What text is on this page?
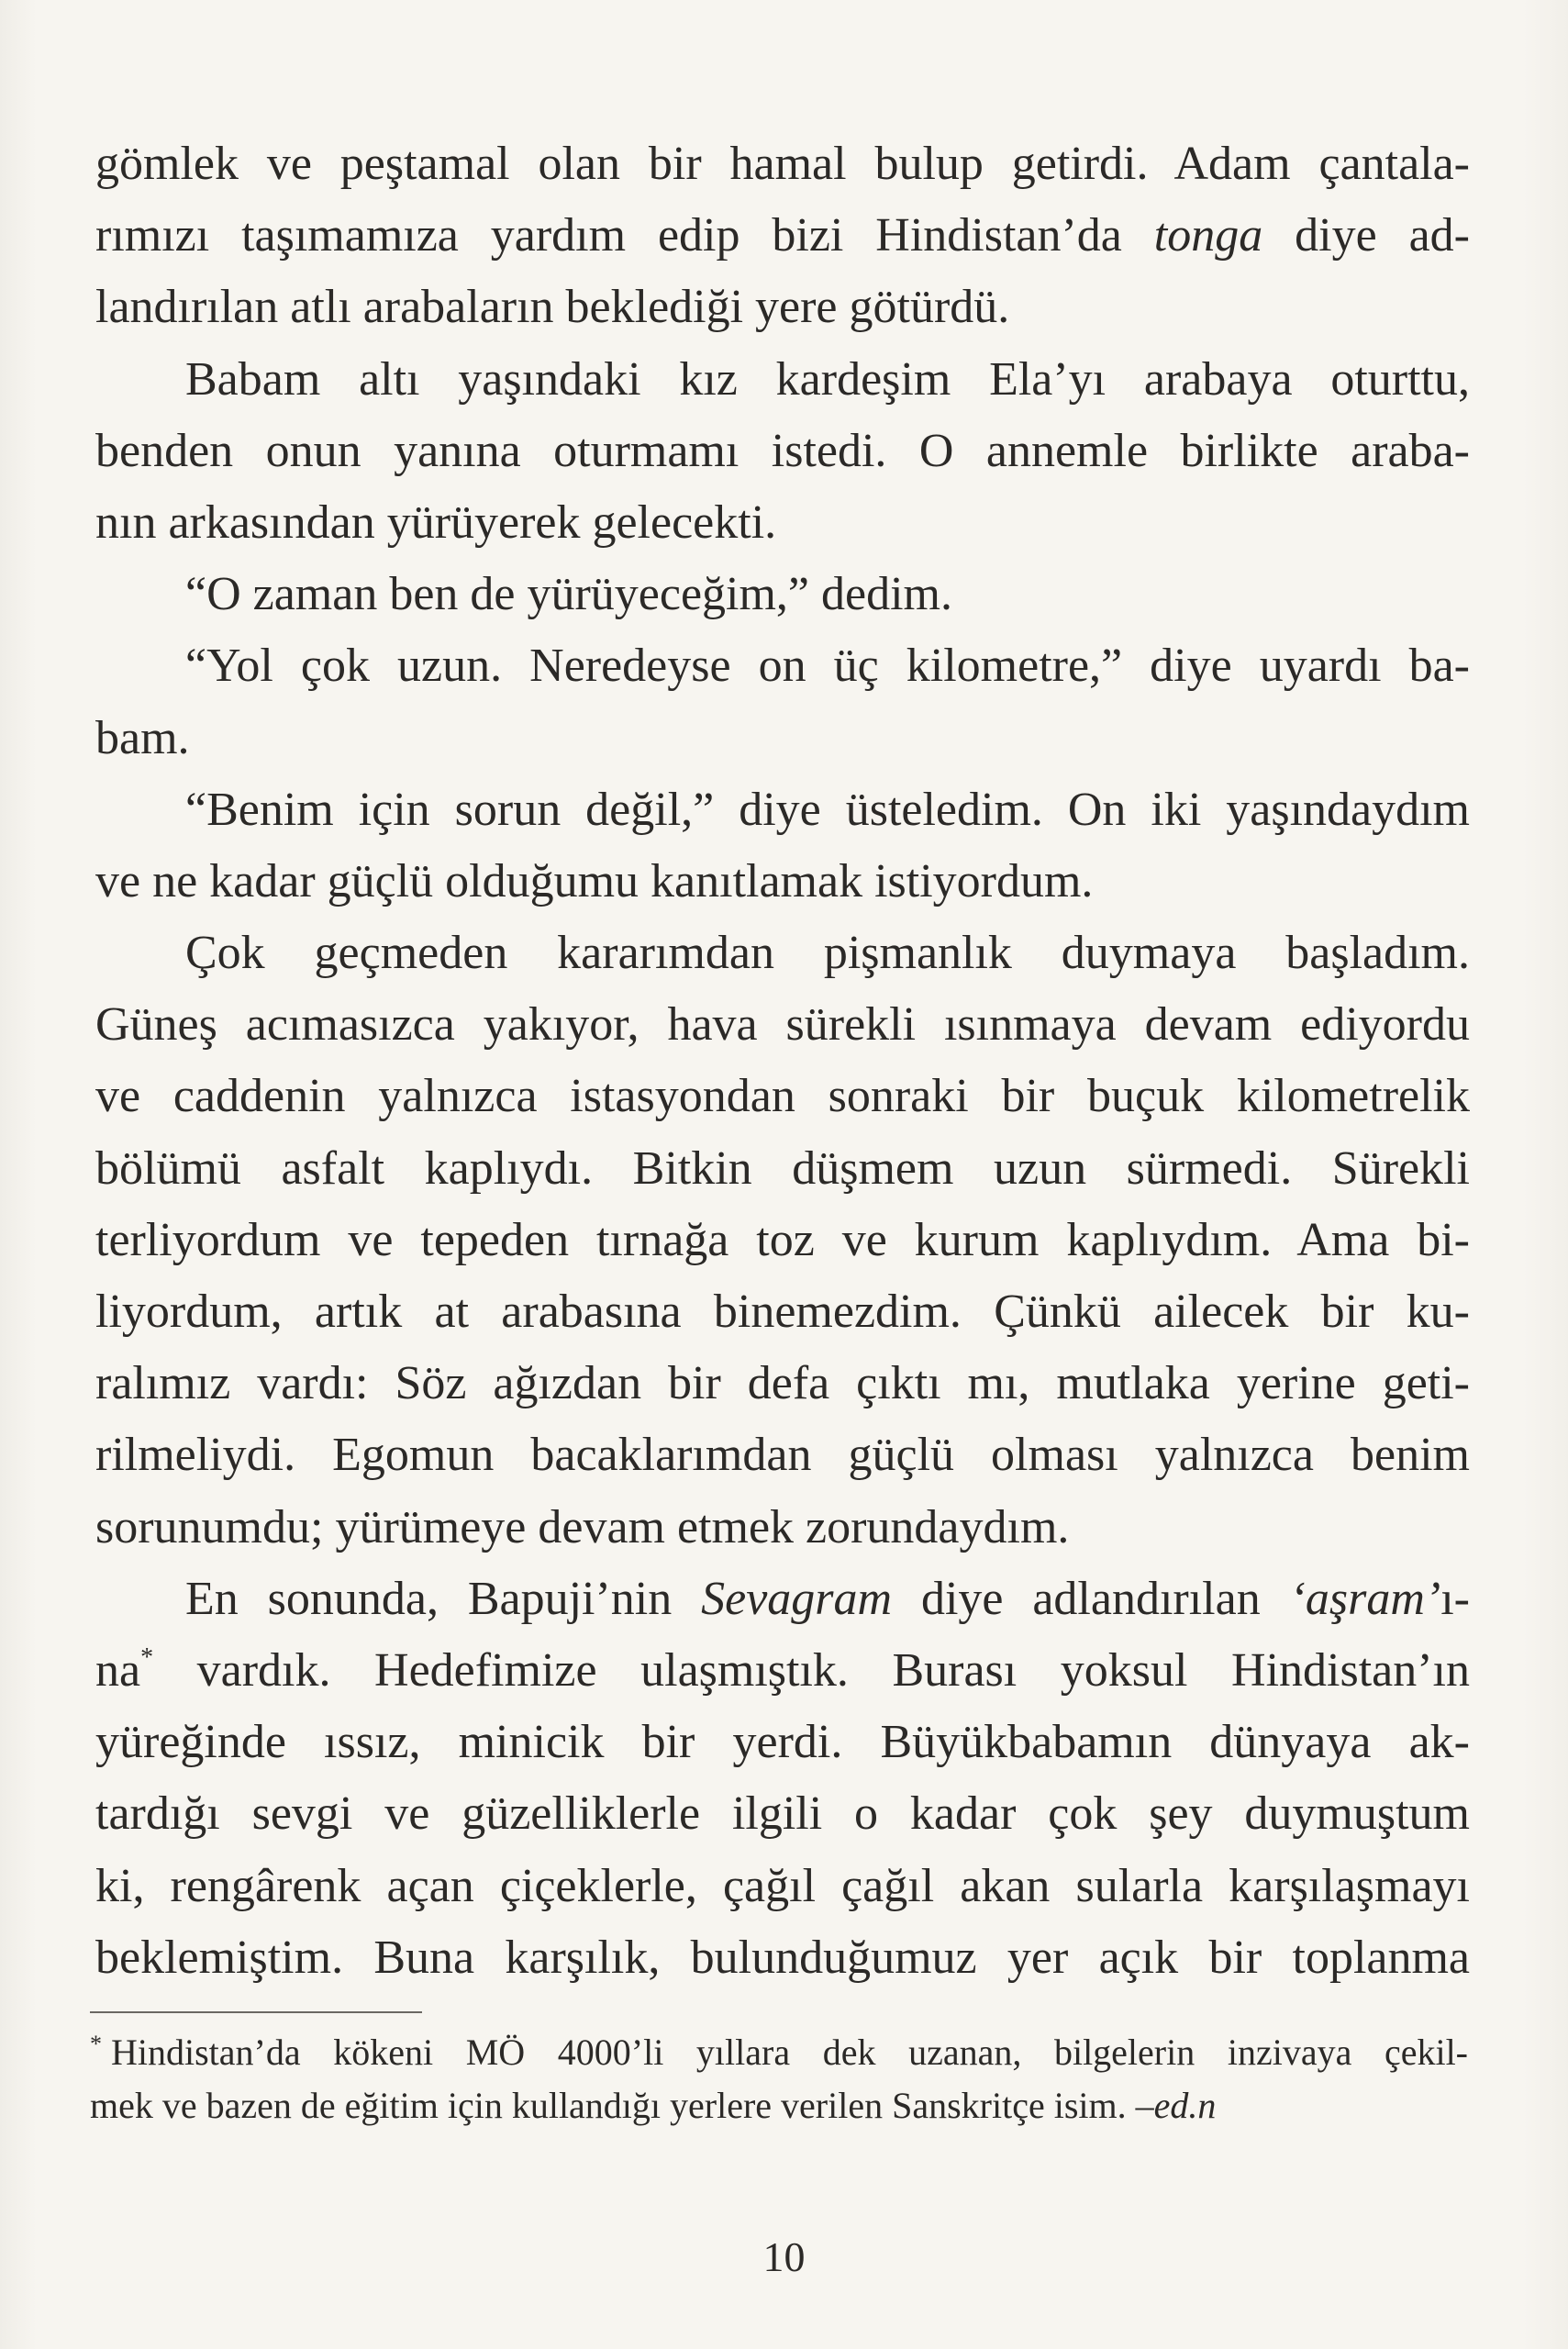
gömlek ve peştamal olan bir hamal bulup getirdi. Adam çantala-
rımızı taşımamıza yardım edip bizi Hindistan’da tonga diye ad-
landırılan atlı arabaların beklediği yere götürdü.
Babam altı yaşındaki kız kardeşim Ela’yı arabaya oturttu,
benden onun yanına oturmamı istedi. O annemle birlikte araba-
nın arkasından yürüyerek gelecekti.
“O zaman ben de yürüyeceğim,” dedim.
“Yol çok uzun. Neredeyse on üç kilometre,” diye uyardı ba-
bam.
“Benim için sorun değil,” diye üsteledim. On iki yaşındaydım
ve ne kadar güçlü olduğumu kanıtlamak istiyordum.
Çok geçmeden kararımdan pişmanlık duymaya başladım.
Güneş acımasızca yakıyor, hava sürekli ısınmaya devam ediyordu
ve caddenin yalnızca istasyondan sonraki bir buçuk kilometrelik
bölümü asfalt kaplıydı. Bitkin düşmem uzun sürmedi. Sürekli
terliyordum ve tepeden tırnağa toz ve kurum kaplıydım. Ama bi-
liyordum, artık at arabasına binemezdim. Çünkü ailecek bir ku-
ralımız vardı: Söz ağızdan bir defa çıktı mı, mutlaka yerine geti-
rilmeliydi. Egomun bacaklarımdan güçlü olması yalnızca benim
sorunumdu; yürümeye devam etmek zorundaydım.
En sonunda, Bapuji’nin Sevagram diye adlandırılan ‘aşram’ı-
na* vardık. Hedefimize ulaşmıştık. Burası yoksul Hindistan’ın
yüreğinde ıssız, minicik bir yerdi. Büyükbabamın dünyaya ak-
tardığı sevgi ve güzelliklerle ilgili o kadar çok şey duymuştum
ki, rengârenk açan çiçeklerle, çağıl çağıl akan sularla karşılaşmayı
beklemiştim. Buna karşılık, bulunduğumuz yer açık bir toplanma
* Hindistan’da kökeni MÖ 4000’li yıllara dek uzanan, bilgelerin inzivaya çekil-
mek ve bazen de eğitim için kullandığı yerlere verilen Sanskritçe isim. –ed.n
10
